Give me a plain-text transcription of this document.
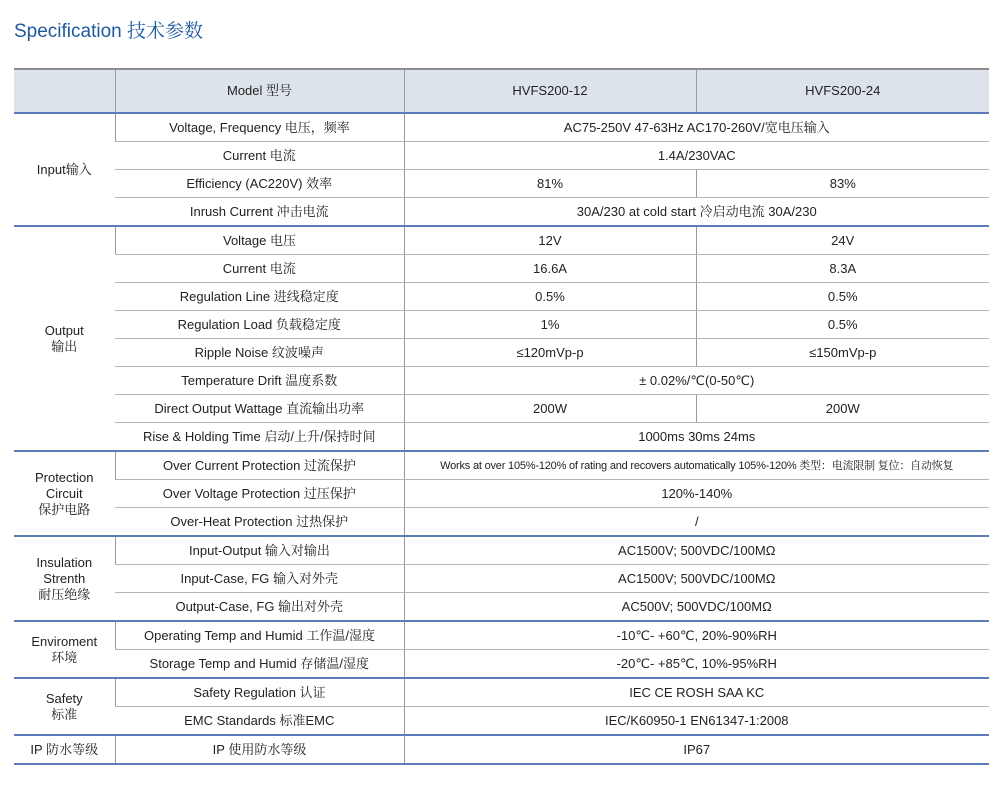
Specification 技术参数
	Model 型号	HVFS200-12	HVFS200-24
Input输入	Voltage, Frequency 电压，频率	AC75-250V 47-63Hz AC170-260V/宽电压输入	
	Current 电流	1.4A/230VAC	
	Efficiency (AC220V) 效率	81%	83%
	Inrush Current 冲击电流	30A/230 at cold start 冷启动电流 30A/230	
Output
输出	Voltage 电压	12V	24V
	Current 电流	16.6A	8.3A
	Regulation Line 进线稳定度	0.5%	0.5%
	Regulation Load 负载稳定度	1%	0.5%
	Ripple Noise 纹波噪声	≤120mVp-p	≤150mVp-p
	Temperature Drift 温度系数	± 0.02%/℃(0-50℃)	
	Direct Output Wattage 直流输出功率	200W	200W
	Rise & Holding Time 启动/上升/保持时间	1000ms 30ms 24ms	
Protection
Circuit
保护电路	Over Current Protection 过流保护	Works at over 105%-120% of rating and recovers automatically 105%-120% 类型：电流限制 复位：自动恢复	
	Over Voltage Protection 过压保护	120%-140%	
	Over-Heat Protection 过热保护	/	
Insulation
Strenth
耐压绝缘	Input-Output 输入对输出	AC1500V; 500VDC/100MΩ	
	Input-Case, FG 输入对外壳	AC1500V; 500VDC/100MΩ	
	Output-Case, FG 输出对外壳	AC500V; 500VDC/100MΩ	
Enviroment
环境	Operating Temp and Humid 工作温/湿度	-10℃- +60℃, 20%-90%RH	
	Storage Temp and Humid 存储温/湿度	-20℃- +85℃, 10%-95%RH	
Safety
标准	Safety Regulation 认证	IEC CE ROSH SAA KC	
	EMC Standards 标准EMC	IEC/K60950-1 EN61347-1:2008	
IP 防水等级	IP 使用防水等级	IP67	
